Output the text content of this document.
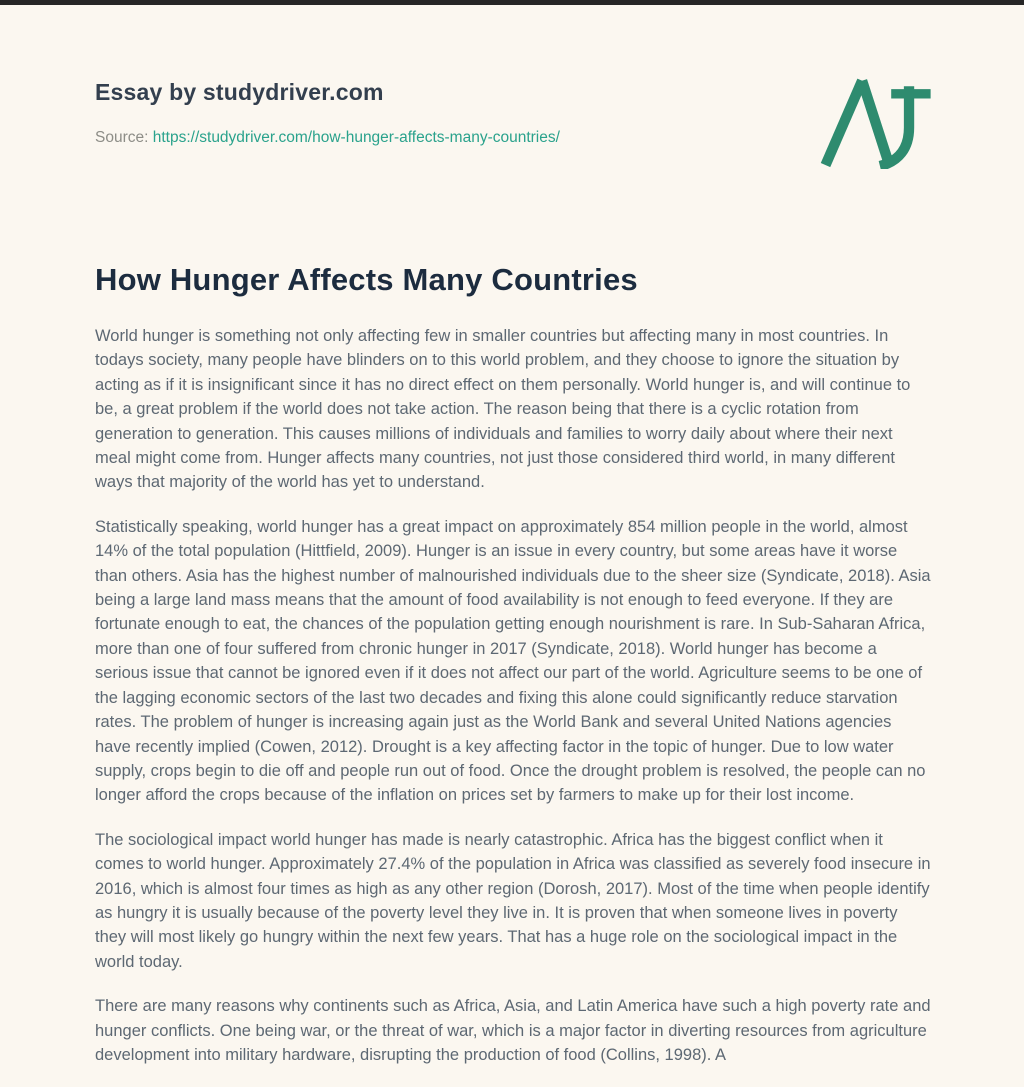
Essay by studydriver.com
Source: https://studydriver.com/how-hunger-affects-many-countries/
How Hunger Affects Many Countries

World hunger is something not only affecting few in smaller countries but affecting many in most countries. In todays society, many people have blinders on to this world problem, and they choose to ignore the situation by acting as if it is insignificant since it has no direct effect on them personally. World hunger is, and will continue to be, a great problem if the world does not take action. The reason being that there is a cyclic rotation from generation to generation. This causes millions of individuals and families to worry daily about where their next meal might come from. Hunger affects many countries, not just those considered third world, in many different ways that majority of the world has yet to understand.

Statistically speaking, world hunger has a great impact on approximately 854 million people in the world, almost 14% of the total population (Hittfield, 2009). Hunger is an issue in every country, but some areas have it worse than others. Asia has the highest number of malnourished individuals due to the sheer size (Syndicate, 2018). Asia being a large land mass means that the amount of food availability is not enough to feed everyone. If they are fortunate enough to eat, the chances of the population getting enough nourishment is rare. In Sub-Saharan Africa, more than one of four suffered from chronic hunger in 2017 (Syndicate, 2018). World hunger has become a serious issue that cannot be ignored even if it does not affect our part of the world. Agriculture seems to be one of the lagging economic sectors of the last two decades and fixing this alone could significantly reduce starvation rates. The problem of hunger is increasing again just as the World Bank and several United Nations agencies have recently implied (Cowen, 2012). Drought is a key affecting factor in the topic of hunger. Due to low water supply, crops begin to die off and people run out of food. Once the drought problem is resolved, the people can no longer afford the crops because of the inflation on prices set by farmers to make up for their lost income.

The sociological impact world hunger has made is nearly catastrophic. Africa has the biggest conflict when it comes to world hunger. Approximately 27.4% of the population in Africa was classified as severely food insecure in 2016, which is almost four times as high as any other region (Dorosh, 2017). Most of the time when people identify as hungry it is usually because of the poverty level they live in. It is proven that when someone lives in poverty they will most likely go hungry within the next few years. That has a huge role on the sociological impact in the world today.

There are many reasons why continents such as Africa, Asia, and Latin America have such a high poverty rate and hunger conflicts. One being war, or the threat of war, which is a major factor in diverting resources from agriculture development into military hardware, disrupting the production of food (Collins, 1998). A
